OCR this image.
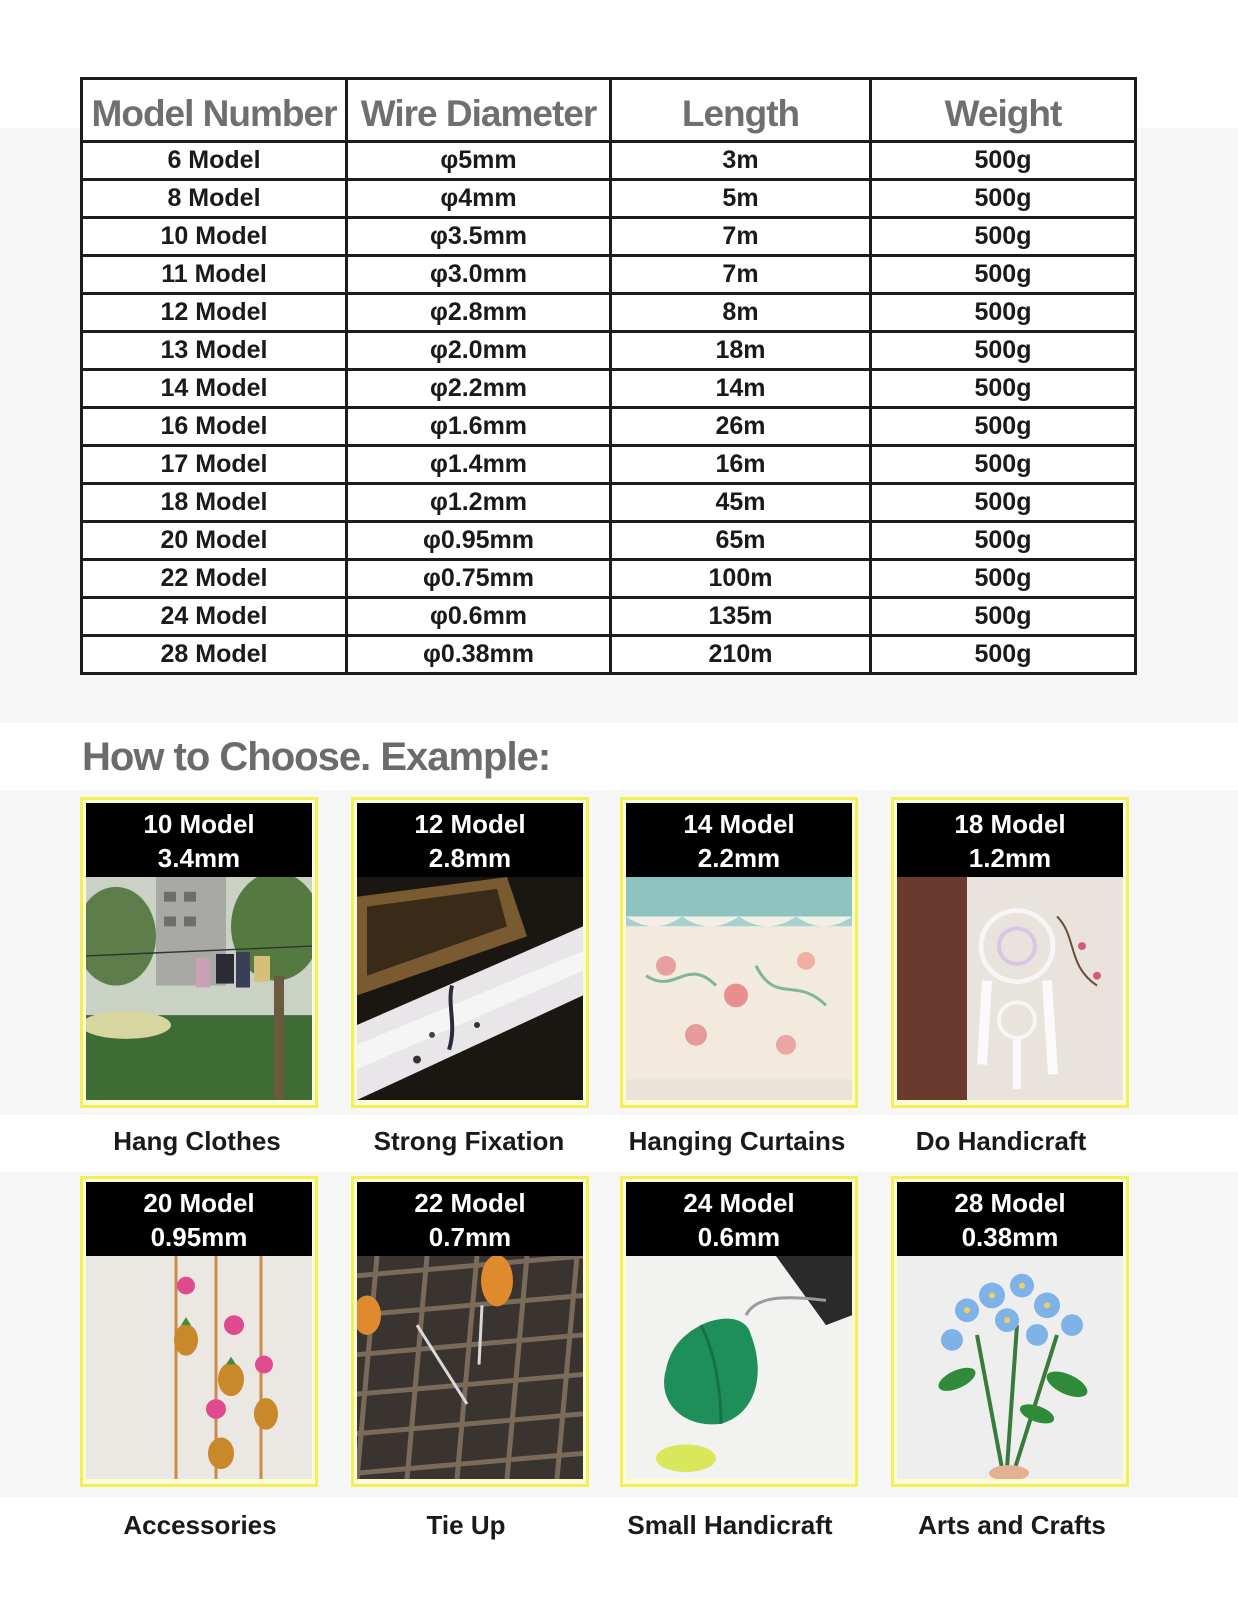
Model Number	Wire Diameter	Length	Weight
6 Model	φ5mm	3m	500g
8 Model	φ4mm	5m	500g
10 Model	φ3.5mm	7m	500g
11 Model	φ3.0mm	7m	500g
12 Model	φ2.8mm	8m	500g
13 Model	φ2.0mm	18m	500g
14 Model	φ2.2mm	14m	500g
16 Model	φ1.6mm	26m	500g
17 Model	φ1.4mm	16m	500g
18 Model	φ1.2mm	45m	500g
20 Model	φ0.95mm	65m	500g
22 Model	φ0.75mm	100m	500g
24 Model	φ0.6mm	135m	500g
28 Model	φ0.38mm	210m	500g
How to Choose. Example:
10 Model
3.4mm
12 Model
2.8mm
14 Model
2.2mm
18 Model
1.2mm
20 Model
0.95mm
22 Model
0.7mm
24 Model
0.6mm
28 Model
0.38mm
Hang Clothes	Strong Fixation	Hanging Curtains	Do Handicraft
Accessories	Tie Up	Small Handicraft	Arts and Crafts
